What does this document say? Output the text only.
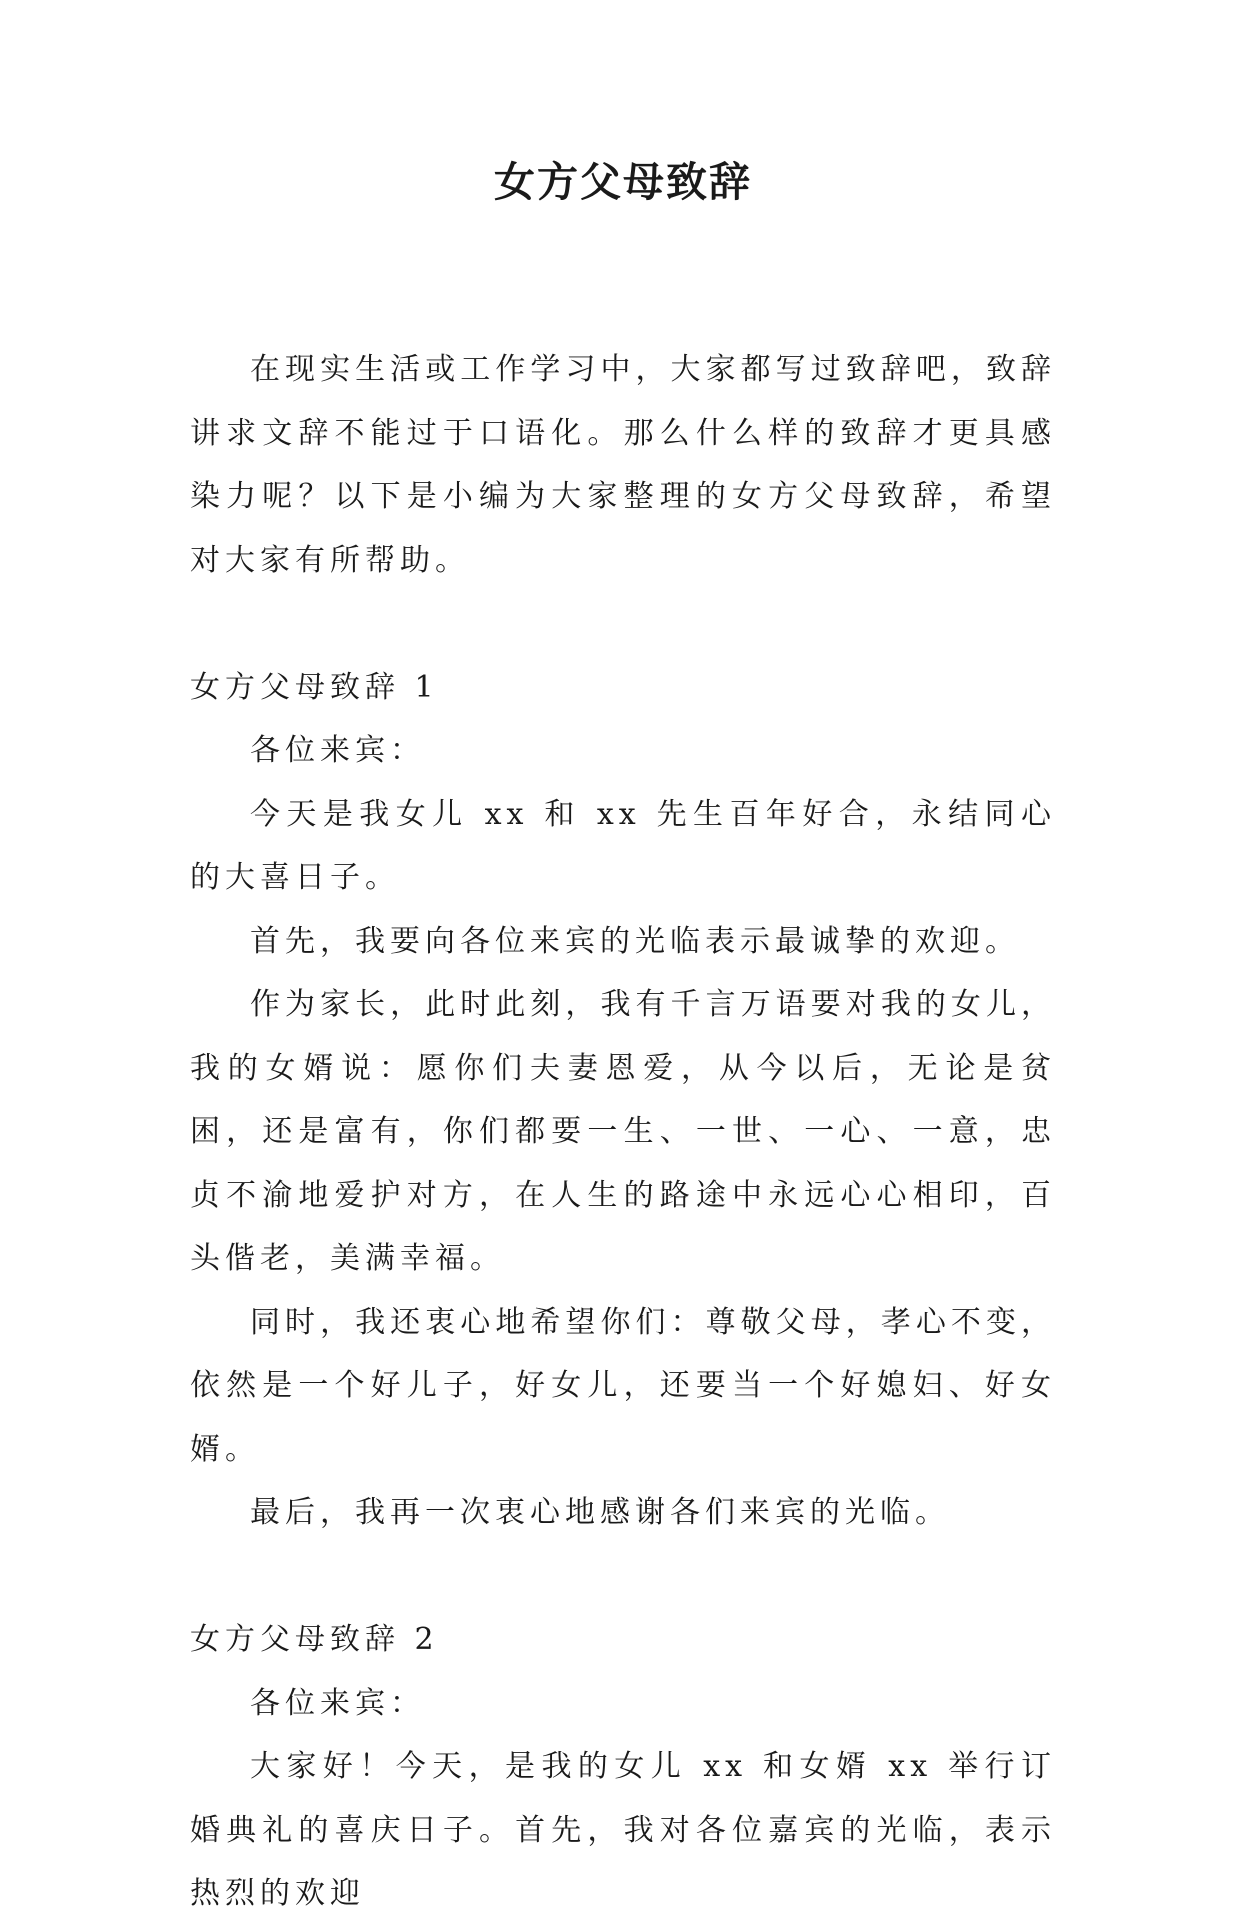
女方父母致辞

在现实生活或工作学习中，大家都写过致辞吧，致辞讲求文辞不能过于口语化。那么什么样的致辞才更具感染力呢？以下是小编为大家整理的女方父母致辞，希望对大家有所帮助。

女方父母致辞 1

各位来宾：

今天是我女儿 xx 和 xx 先生百年好合，永结同心的大喜日子。

首先，我要向各位来宾的光临表示最诚挚的欢迎。

作为家长，此时此刻，我有千言万语要对我的女儿，我的女婿说：愿你们夫妻恩爱，从今以后，无论是贫困，还是富有，你们都要一生、一世、一心、一意，忠贞不渝地爱护对方，在人生的路途中永远心心相印，百头偕老，美满幸福。

同时，我还衷心地希望你们：尊敬父母，孝心不变，依然是一个好儿子，好女儿，还要当一个好媳妇、好女婿。

最后，我再一次衷心地感谢各们来宾的光临。

女方父母致辞 2

各位来宾：

大家好！今天，是我的女儿 xx 和女婿 xx 举行订婚典礼的喜庆日子。首先，我对各位嘉宾的光临，表示热烈的欢迎
